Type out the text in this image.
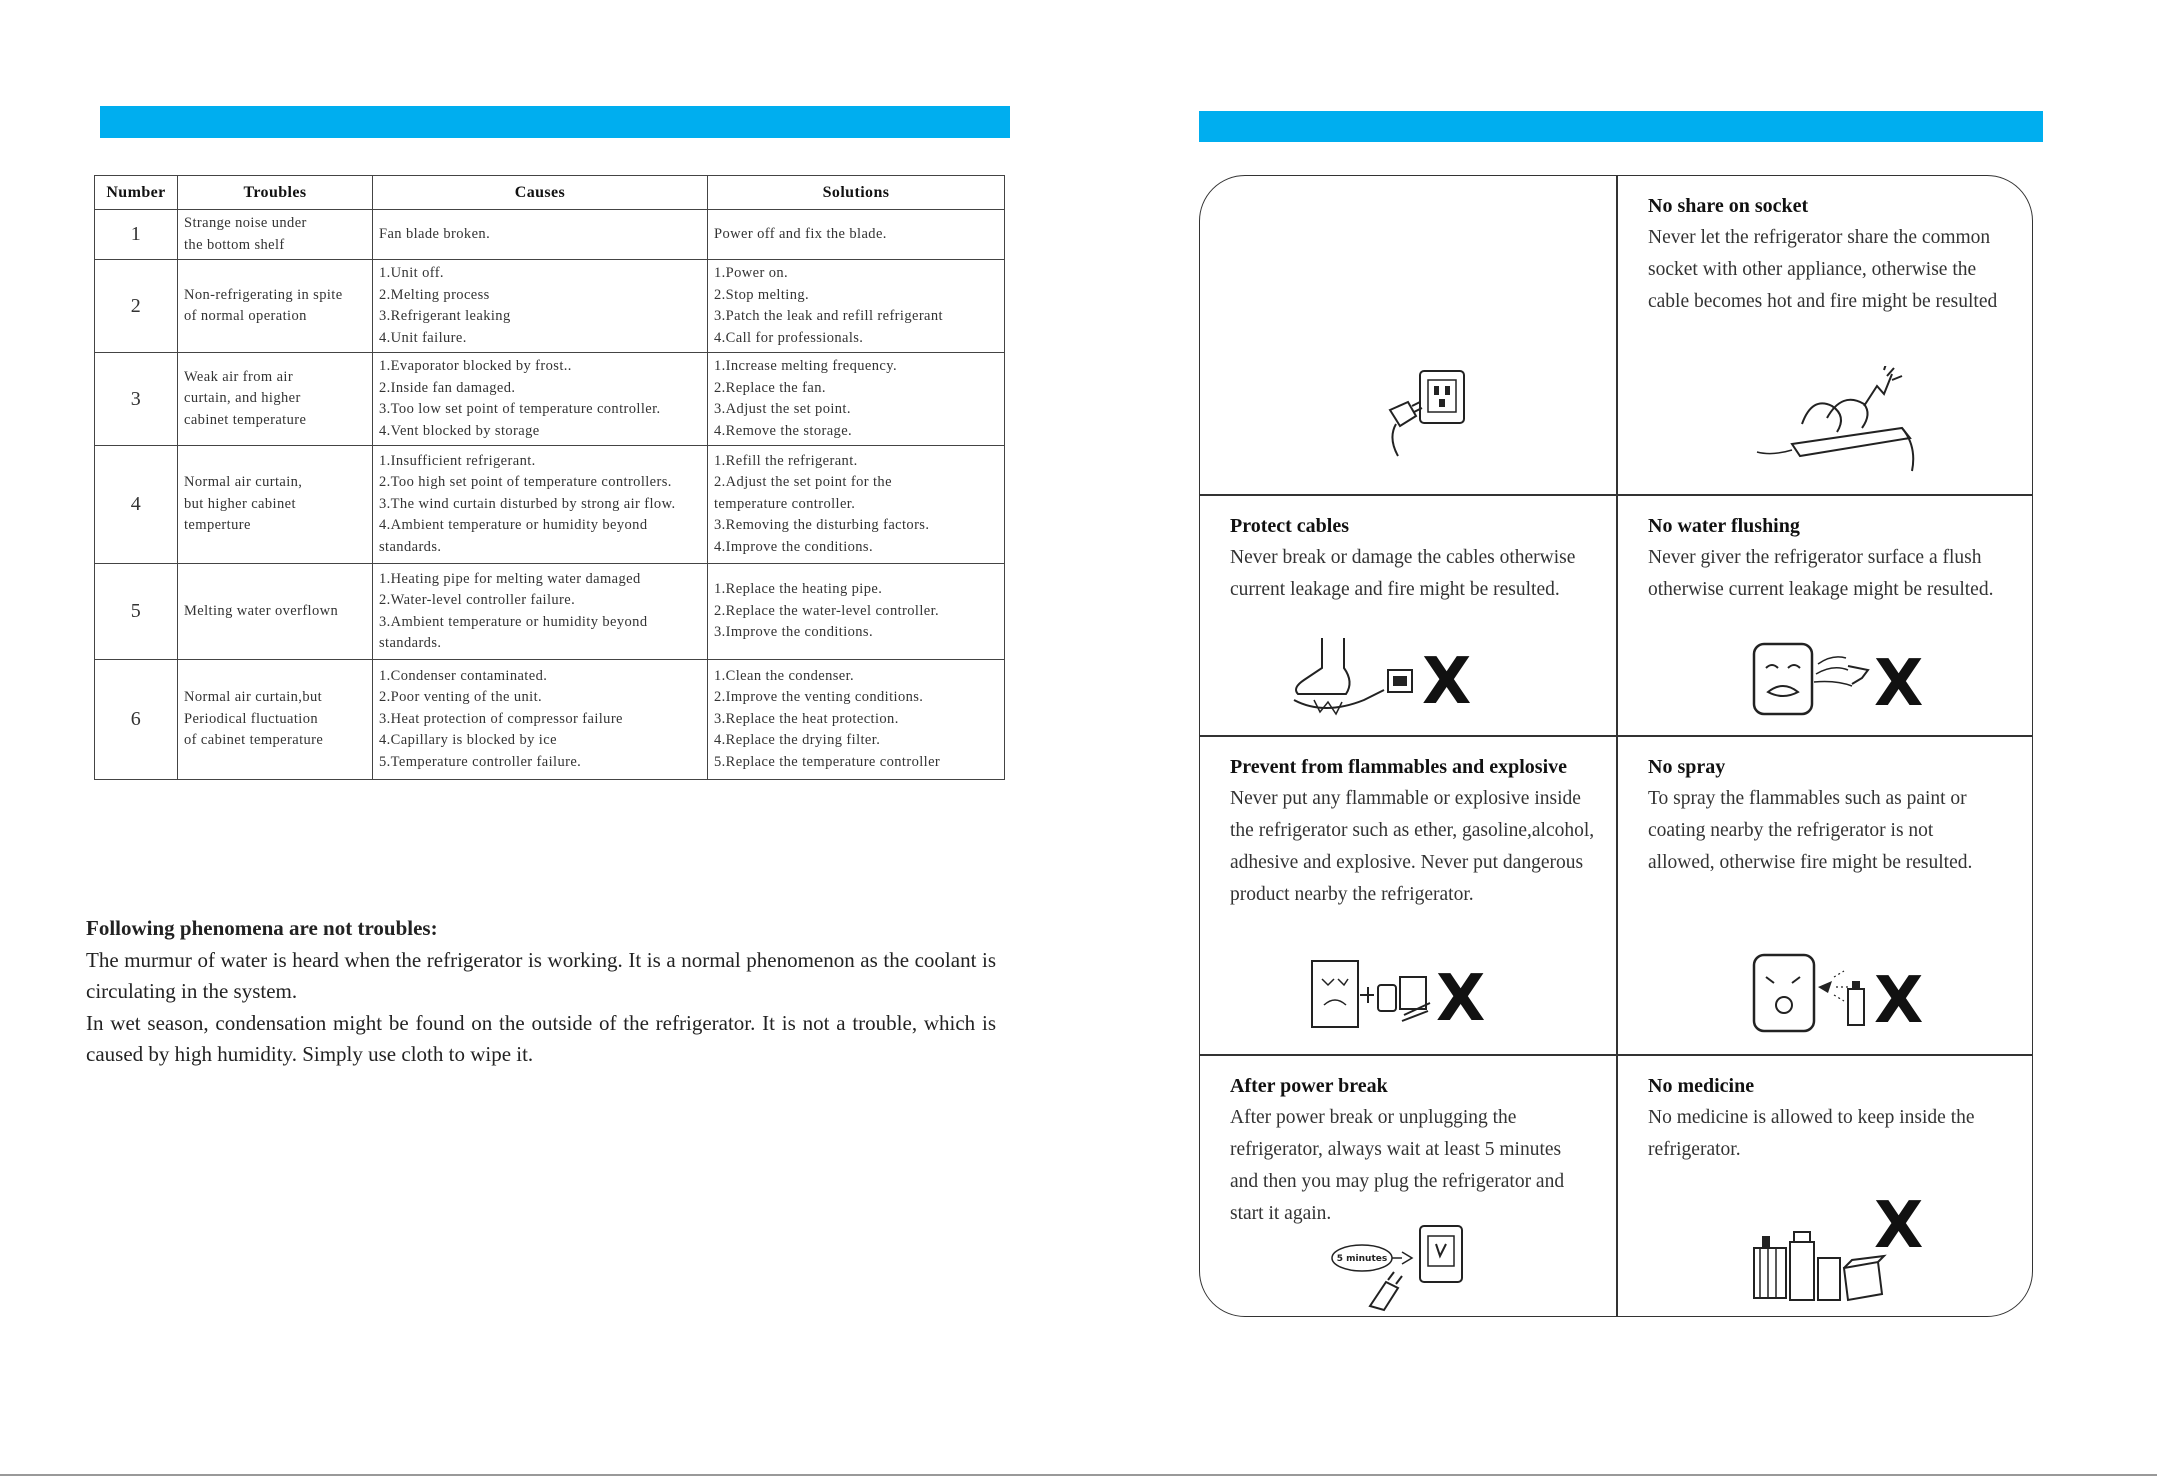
Number	Troubles	Causes	Solutions
1	Strange noise under
the bottom shelf	Fan blade broken.	Power off and fix the blade.

2	Non-refrigerating in spite
of normal operation	1.Unit off.
2.Melting process
3.Refrigerant leaking
4.Unit failure.	1.Power on.
2.Stop melting.
3.Patch the leak and refill refrigerant
4.Call for professionals.

3	Weak air from air
curtain, and higher
cabinet temperature	1.Evaporator blocked by frost..
2.Inside fan damaged.
3.Too low set point of temperature controller.
4.Vent blocked by storage	1.Increase melting frequency.
2.Replace the fan.
3.Adjust the set point.
4.Remove the storage.

4	Normal air curtain,
but higher cabinet
temperture	1.Insufficient refrigerant.
2.Too high set point of temperature controllers.
3.The wind curtain disturbed by strong air flow.
4.Ambient temperature or humidity beyond
standards.	1.Refill the refrigerant.
2.Adjust the set point for the
temperature controller.
3.Removing the disturbing factors.
4.Improve the conditions.

5	Melting water overflown	1.Heating pipe for melting water damaged
2.Water-level controller failure.
3.Ambient temperature or humidity beyond
standards.	1.Replace the heating pipe.
2.Replace the water-level controller.
3.Improve the conditions.

6	Normal air curtain,but
Periodical fluctuation
of cabinet temperature	1.Condenser contaminated.
2.Poor venting of the unit.
3.Heat protection of compressor failure
4.Capillary is blocked by ice
5.Temperature controller failure.	1.Clean the condenser.
2.Improve the venting conditions.
3.Replace the heat protection.
4.Replace the drying filter.
5.Replace the temperature controller
Following phenomena are not troubles:
The murmur of water is heard when the refrigerator is working. It is a normal phenomenon as the coolant is circulating in the system.
In wet season, condensation might be found on the outside of the refrigerator. It is not a trouble, which is caused by high humidity. Simply use cloth to wipe it.
No share on socket
Never let the refrigerator share the common
socket with other appliance, otherwise the
cable becomes hot and fire might be resulted
Protect cables
Never break or damage the cables otherwise
current leakage and fire might be resulted.
X
No water flushing
Never giver the refrigerator surface a flush
otherwise current leakage might be resulted.
X
Prevent from flammables and explosive
Never put any flammable or explosive inside
the refrigerator such as ether, gasoline,alcohol,
adhesive and explosive. Never put dangerous
product nearby the refrigerator.
X
No spray
To spray the flammables such as paint or
coating nearby the refrigerator is not
allowed, otherwise fire might be resulted.
X
After power break
After power break or unplugging the
refrigerator, always wait at least 5 minutes
and then you may plug the refrigerator and
start it again.
5 minutes
No medicine
No medicine is allowed to keep inside the
refrigerator.
X
